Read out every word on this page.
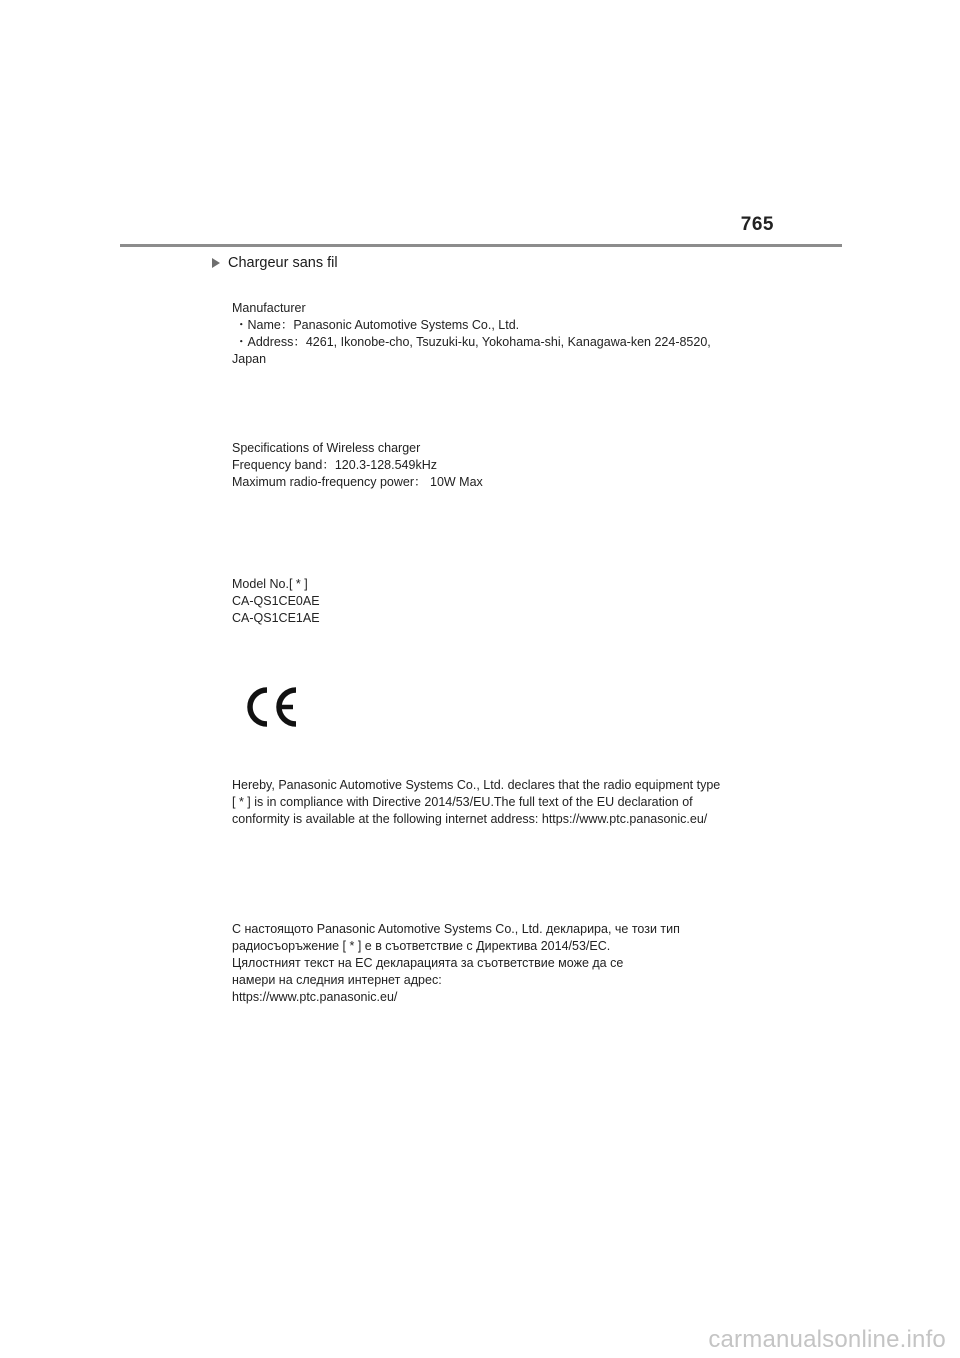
765
Chargeur sans fil
Manufacturer
・Name：Panasonic Automotive Systems Co., Ltd.
・Address：4261, Ikonobe-cho, Tsuzuki-ku, Yokohama-shi, Kanagawa-ken 224-8520,
Japan
Specifications of Wireless charger
Frequency band：120.3-128.549kHz
Maximum radio-frequency power： 10W Max
Model No.[ * ]
CA-QS1CE0AE
CA-QS1CE1AE
Hereby, Panasonic Automotive Systems Co., Ltd. declares that the radio equipment type
[ * ] is in compliance with Directive 2014/53/EU.The full text of the EU declaration of
conformity is available at the following internet address: https://www.ptc.panasonic.eu/
С настоящото Panasonic Automotive Systems Co., Ltd. декларира, че този тип
радиосъоръжение [ * ] е в съответствие с Директива 2014/53/ЕС.
Цялостният текст на ЕС декларацията за съответствие може да се
намери на следния интернет адрес:
https://www.ptc.panasonic.eu/
carmanualsonline.info
